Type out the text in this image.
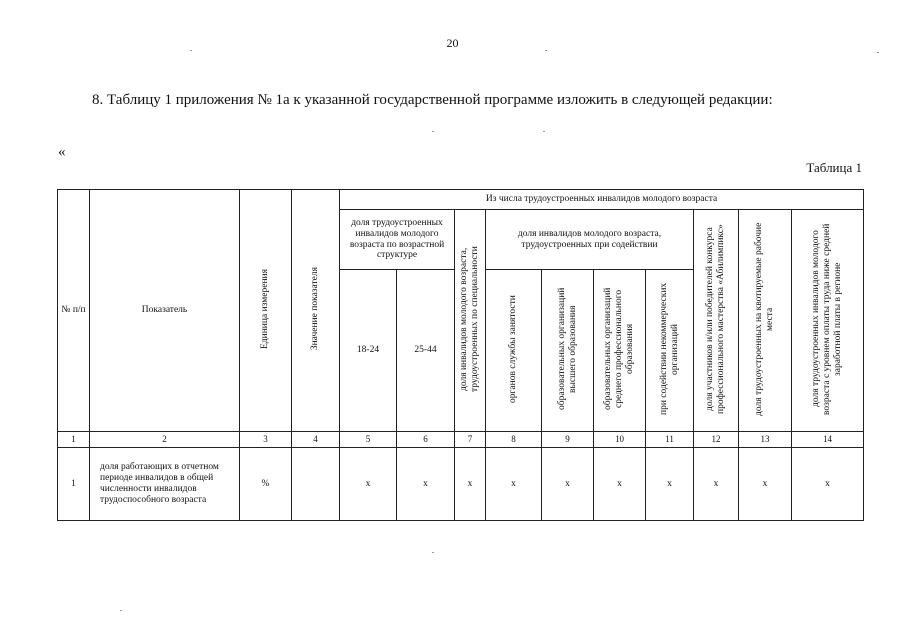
20
8. Таблицу 1 приложения № 1а к указанной государственной программе изложить в следующей редакции:
«
Таблица 1
№ п/п	Показатель	Единица измерения	Значение показателя	Из числа трудоустроенных инвалидов молодого возраста									
				доля трудоустроенных инвалидов молодого возраста по возрастной структуре		доля инвалидов молодого возраста, трудоустроенных по специальности	доля инвалидов молодого возраста, трудоустроенных при содействии				доля участников и/или победителей конкурса профессионального мастерства «Абилимпикс»	доля трудоустроенных на квотируемые рабочие места	доля трудоустроенных инвалидов молодого возраста с уровнем оплаты труда ниже средней заработной платы в регионе
				18-24	25-44		органов службы занятости	образовательных организаций высшего образования	образовательных организаций среднего профессионального образования	при содействии некоммерческих организаций			

1	2	3	4	5	6	7	8	9	10	11	12	13	14
1	доля работающих в отчетном периоде инвалидов в общей численности инвалидов трудоспособного возраста	%		х	х	х	х	х	х	х	х	х	х
